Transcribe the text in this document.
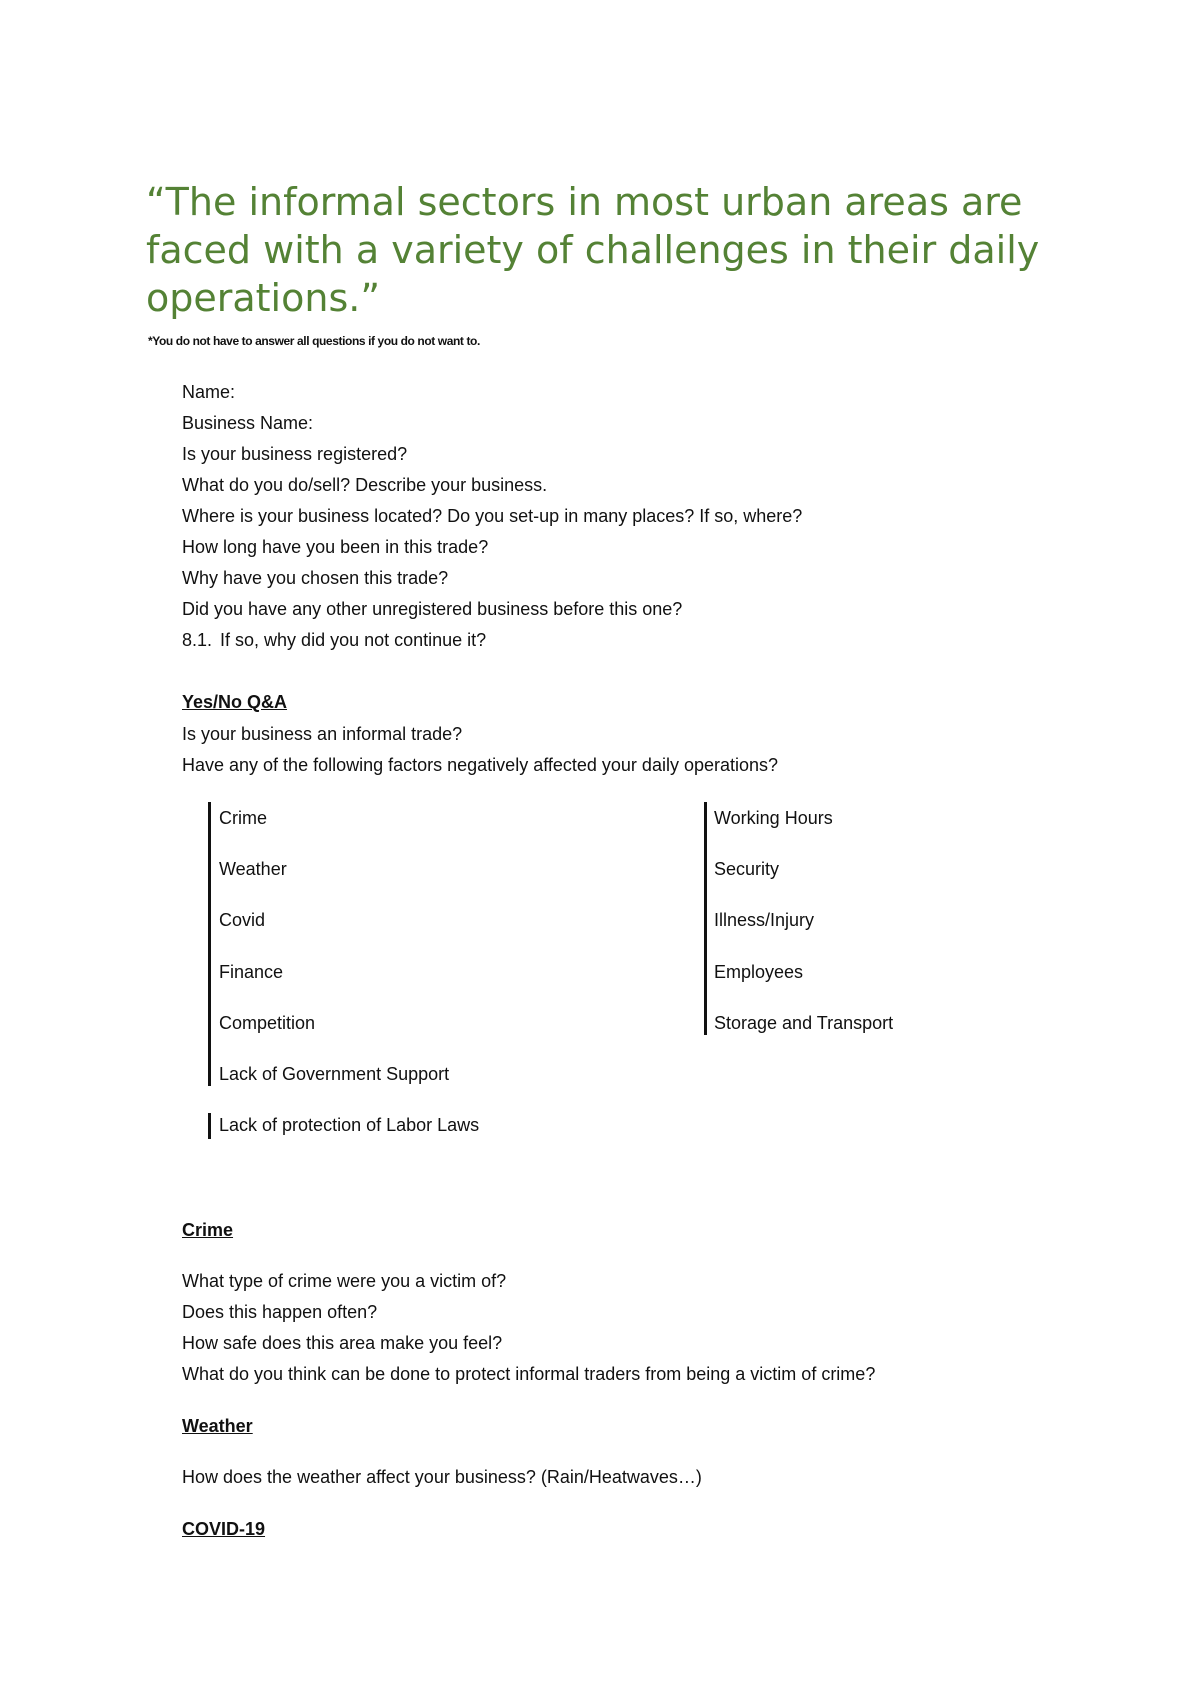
“The informal sectors in most urban areas are faced with a variety of challenges in their daily operations.”
*You do not have to answer all questions if you do not want to.
Name:
Business Name:
Is your business registered?
What do you do/sell? Describe your business.
Where is your business located? Do you set-up in many places? If so, where?
How long have you been in this trade?
Why have you chosen this trade?
Did you have any other unregistered business before this one?
8.1. If so, why did you not continue it?
Yes/No Q&A
Is your business an informal trade?
Have any of the following factors negatively affected your daily operations?
Crime
Weather
Covid
Finance
Competition
Lack of Government Support
Lack of protection of Labor Laws
Working Hours
Security
Illness/Injury
Employees
Storage and Transport
Crime
What type of crime were you a victim of?
Does this happen often?
How safe does this area make you feel?
What do you think can be done to protect informal traders from being a victim of crime?
Weather
How does the weather affect your business? (Rain/Heatwaves…)
COVID-19
